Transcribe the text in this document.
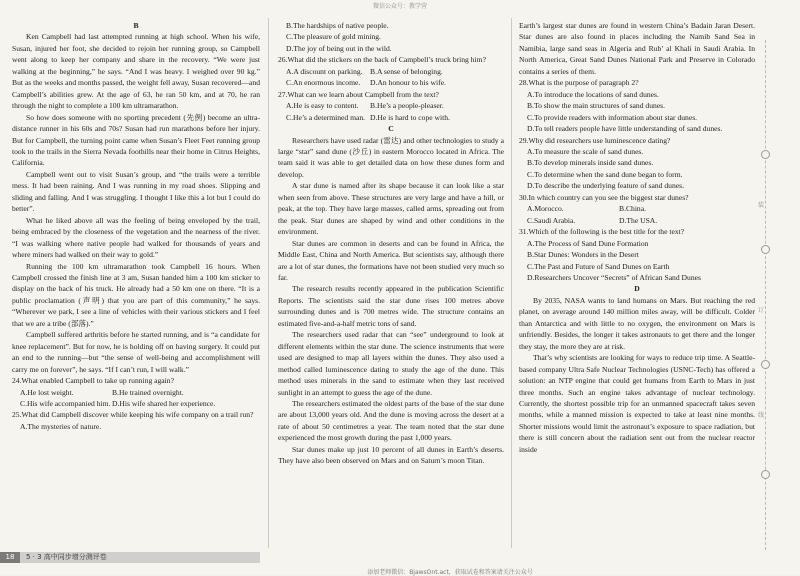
微信公众号：教学营

B

Ken Campbell had last attempted running at high school. When his wife, Susan, injured her foot, she decided to rejoin her running group, so Campbell went along to keep her company and share in the recovery. “We were just walking at the beginning,” he says. “And I was heavy. I weighed over 90 kg.” But as the weeks and months passed, the weight fell away, Susan recovered—and Campbell’s abilities grew. At the age of 63, he ran 50 km, and at 70, he ran through the night to complete a 100 km ultramarathon.

So how does someone with no sporting precedent (先例) become an ultra-distance runner in his 60s and 70s? Susan had run marathons before her injury. But for Campbell, the turning point came when Susan’s Fleet Feet running group took to the trails in the Sierra Nevada foothills near their home in Citrus Heights, California.

Campbell went out to visit Susan’s group, and “the trails were a terrible mess. It had been raining. And I was running in my road shoes. Slipping and sliding and falling. And I was struggling. I thought I like this a lot but I could do better”.

What he liked above all was the feeling of being enveloped by the trail, being embraced by the closeness of the vegetation and the nearness of the river. “I was walking where native people had walked for thousands of years and where miners had walked on their way to gold.”

Running the 100 km ultramarathon took Campbell 16 hours. When Campbell crossed the finish line at 3 am, Susan handed him a 100 km sticker to display on the back of his truck. He already had a 50 km one on there. “It is a public proclamation (声明) that you are part of this community,” he says. “Wherever we park, I see a line of vehicles with their various stickers and I feel that we are a tribe (部落).”

Campbell suffered arthritis before he started running, and is “a candidate for knee replacement”. But for now, he is holding off on having surgery. It could put an end to the running—but “the sense of well-being and accomplishment will carry me on forever”, he says. “If I can’t run, I will walk.”

24.What enabled Campbell to take up running again?

A.He lost weight.	B.He trained overnight.
C.His wife accompanied him. D.His wife shared her experience.

25.What did Campbell discover while keeping his wife company on a trail run?

A.The mysteries of nature.

B.The hardships of native people.

C.The pleasure of gold mining.

D.The joy of being out in the wild.

26.What did the stickers on the back of Campbell’s truck bring him?

A.A discount on parking. B.A sense of belonging.
C.An enormous income.	D.An honour to his wife.

27.What can we learn about Campbell from the text?

A.He is easy to content.	B.He’s a people-pleaser.
C.He’s a determined man. D.He is hard to cope with.

C

Researchers have used radar (雷达) and other technologies to study a large “star” sand dune (沙丘) in eastern Morocco located in Africa. The team said it was able to get detailed data on how these dunes form and develop.

A star dune is named after its shape because it can look like a star when seen from above. These structures are very large and have a hill, or peak, at the top. They have large masses, called arms, spreading out from the peak. Star dunes are shaped by wind and other conditions in the environment.

Star dunes are common in deserts and can be found in Africa, the Middle East, China and North America. But scientists say, although there are a lot of star dunes, the formations have not been studied very much so far.

The research results recently appeared in the publication Scientific Reports. The scientists said the star dune rises 100 metres above surrounding dunes and is 700 metres wide. The structure contains an estimated five-and-a-half metric tons of sand.

The researchers used radar that can “see” underground to look at different elements within the star dune. The science instruments that were used are designed to map all layers within the dunes. They also used a method called luminescence dating to study the age of the dune. This method uses minerals in the sand to estimate when they last received sunlight in an attempt to guess the age of the dune.

The researchers estimated the oldest parts of the base of the star dune are about 13,000 years old. And the dune is moving across the desert at a rate of about 50 centimetres a year. The team noted that the star dune experienced the most growth during the past 1,000 years.

Star dunes make up just 10 percent of all dunes in Earth’s deserts. They have also been observed on Mars and on Saturn’s moon Titan.

Earth’s largest star dunes are found in western China’s Badain Jaran Desert. Star dunes are also found in places including the Namib Sand Sea in Namibia, large sand seas in Algeria and Rub’ al Khali in Saudi Arabia. In North America, Great Sand Dunes National Park and Preserve in Colorado contains a series of them.

28.What is the purpose of paragraph 2?

A.To introduce the locations of sand dunes.

B.To show the main structures of sand dunes.

C.To provide readers with information about star dunes.

D.To tell readers people have little understanding of sand dunes.

29.Why did researchers use luminescence dating?

A.To measure the scale of sand dunes.

B.To develop minerals inside sand dunes.

C.To determine when the sand dune began to form.

D.To describe the underlying feature of sand dunes.

30.In which country can you see the biggest star dunes?

A.Morocco.	B.China.
C.Saudi Arabia.	D.The USA.

31.Which of the following is the best title for the text?

A.The Process of Sand Dune Formation

B.Star Dunes: Wonders in the Desert

C.The Past and Future of Sand Dunes on Earth

D.Researchers Uncover “Secrets” of African Sand Dunes

D

By 2035, NASA wants to land humans on Mars. But reaching the red planet, on average around 140 million miles away, will be difficult. Colder than Antarctica and with little to no oxygen, the environment on Mars is unfriendly. Besides, the longer it takes astronauts to get there and the longer they stay, the more they are at risk.

That’s why scientists are looking for ways to reduce trip time. A Seattle-based company Ultra Safe Nuclear Technologies (USNC-Tech) has offered a solution: an NTP engine that could get humans from Earth to Mars in just three months. Such an engine takes advantage of nuclear technology. Currently, the shortest possible trip for an unmanned spacecraft takes seven months, while a manned mission is expected to take at least nine months. Shorter missions would limit the astronaut’s exposure to space radiation, but there is still concern about the radiation sent out from the nuclear reactor inside

装
订
线
18	5 · 3 高中同步增分测评卷
添加老师微信：BjawsOnt.act，获取试卷和答案请关注公众号
